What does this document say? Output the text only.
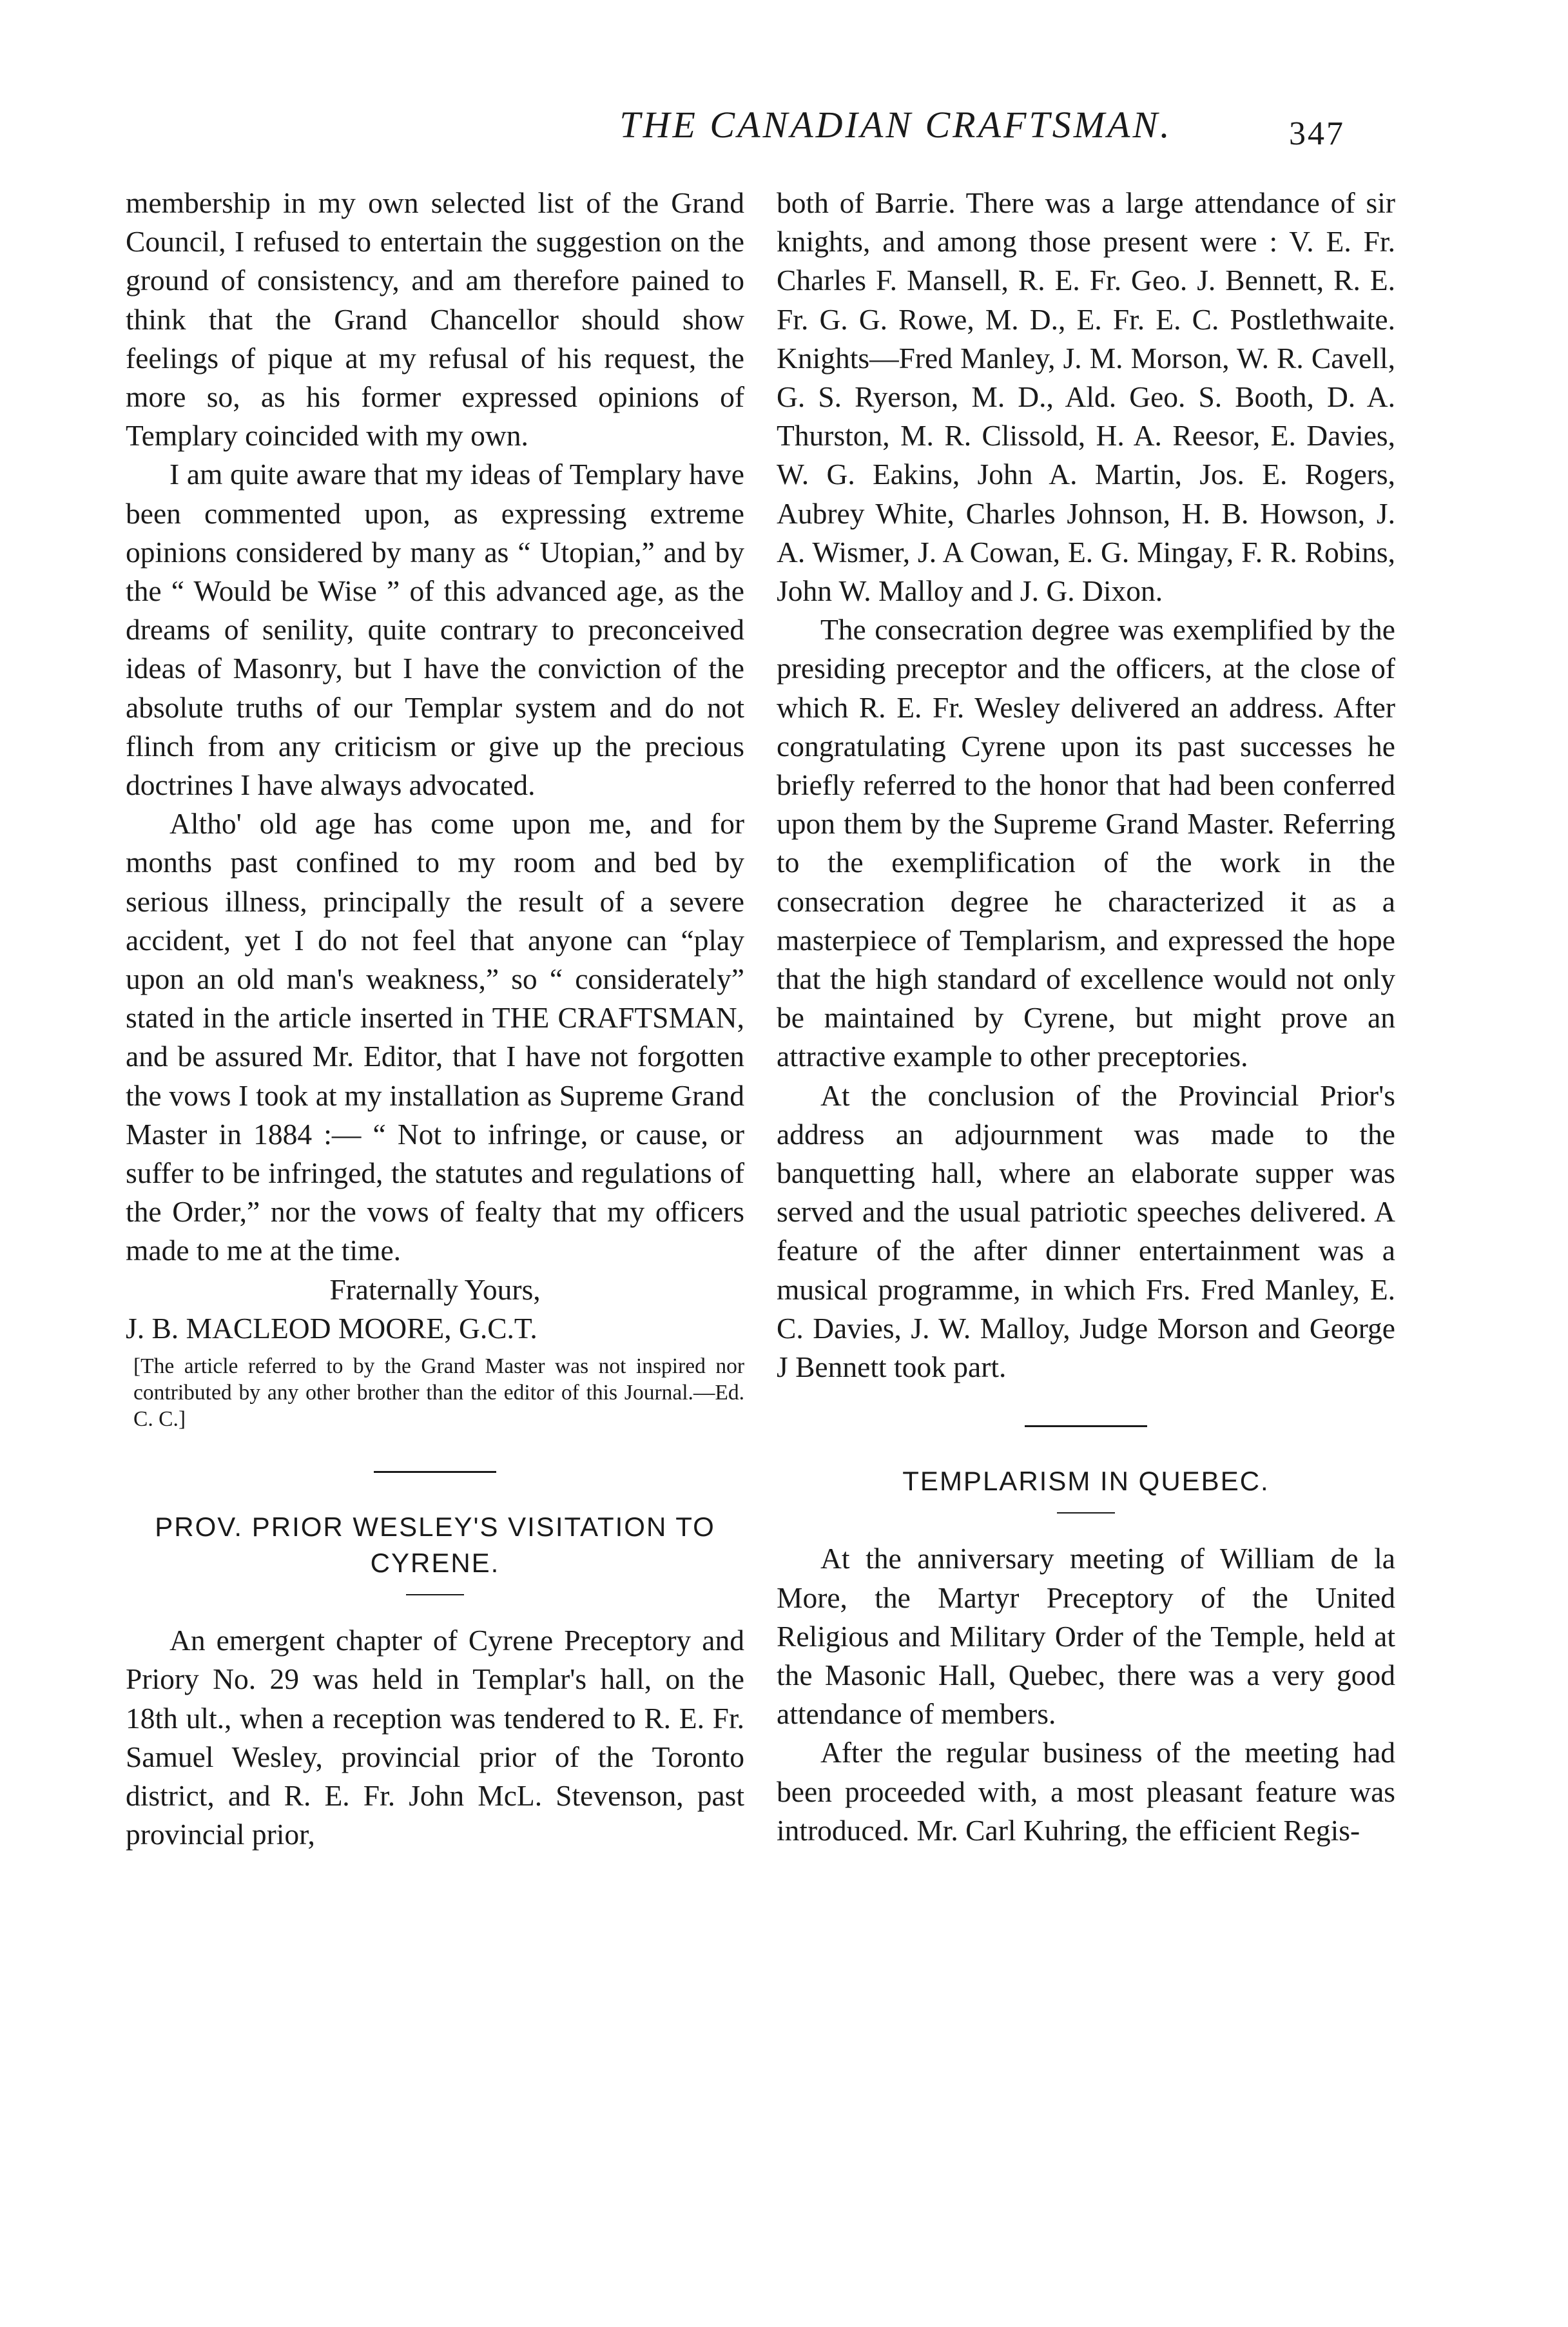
THE CANADIAN CRAFTSMAN.	347

membership in my own selected list of the Grand Council, I refused to entertain the suggestion on the ground of consistency, and am therefore pained to think that the Grand Chancellor should show feelings of pique at my refusal of his request, the more so, as his former expressed opinions of Templary coincided with my own.

I am quite aware that my ideas of Templary have been commented upon, as expressing extreme opinions considered by many as “ Utopian,” and by the “ Would be Wise ” of this advanced age, as the dreams of senility, quite contrary to preconceived ideas of Masonry, but I have the conviction of the absolute truths of our Templar system and do not flinch from any criticism or give up the precious doctrines I have always advocated.

Altho' old age has come upon me, and for months past confined to my room and bed by serious illness, principally the result of a severe accident, yet I do not feel that anyone can “play upon an old man's weakness,” so “ considerately” stated in the article inserted in THE CRAFTSMAN, and be assured Mr. Editor, that I have not forgotten the vows I took at my installation as Supreme Grand Master in 1884 :— “ Not to infringe, or cause, or suffer to be infringed, the statutes and regulations of the Order,” nor the vows of fealty that my officers made to me at the time.

Fraternally Yours,

J. B. MACLEOD MOORE, G.C.T.

[The article referred to by the Grand Master was not inspired nor contributed by any other brother than the editor of this Journal.—Ed. C. C.]

PROV. PRIOR WESLEY'S VISITATION TO CYRENE.

An emergent chapter of Cyrene Preceptory and Priory No. 29 was held in Templar's hall, on the 18th ult., when a reception was tendered to R. E. Fr. Samuel Wesley, provincial prior of the Toronto district, and R. E. Fr. John McL. Stevenson, past provincial prior,

both of Barrie. There was a large attendance of sir knights, and among those present were : V. E. Fr. Charles F. Mansell, R. E. Fr. Geo. J. Bennett, R. E. Fr. G. G. Rowe, M. D., E. Fr. E. C. Postlethwaite. Knights—Fred Manley, J. M. Morson, W. R. Cavell, G. S. Ryerson, M. D., Ald. Geo. S. Booth, D. A. Thurston, M. R. Clissold, H. A. Reesor, E. Davies, W. G. Eakins, John A. Martin, Jos. E. Rogers, Aubrey White, Charles Johnson, H. B. Howson, J. A. Wismer, J. A Cowan, E. G. Mingay, F. R. Robins, John W. Malloy and J. G. Dixon.

The consecration degree was exemplified by the presiding preceptor and the officers, at the close of which R. E. Fr. Wesley delivered an address. After congratulating Cyrene upon its past successes he briefly referred to the honor that had been conferred upon them by the Supreme Grand Master. Referring to the exemplification of the work in the consecration degree he characterized it as a masterpiece of Templarism, and expressed the hope that the high standard of excellence would not only be maintained by Cyrene, but might prove an attractive example to other preceptories.

At the conclusion of the Provincial Prior's address an adjournment was made to the banquetting hall, where an elaborate supper was served and the usual patriotic speeches delivered. A feature of the after dinner entertainment was a musical programme, in which Frs. Fred Manley, E. C. Davies, J. W. Malloy, Judge Morson and George J Bennett took part.

TEMPLARISM IN QUEBEC.

At the anniversary meeting of William de la More, the Martyr Preceptory of the United Religious and Military Order of the Temple, held at the Masonic Hall, Quebec, there was a very good attendance of members.

After the regular business of the meeting had been proceeded with, a most pleasant feature was introduced. Mr. Carl Kuhring, the efficient Regis-
